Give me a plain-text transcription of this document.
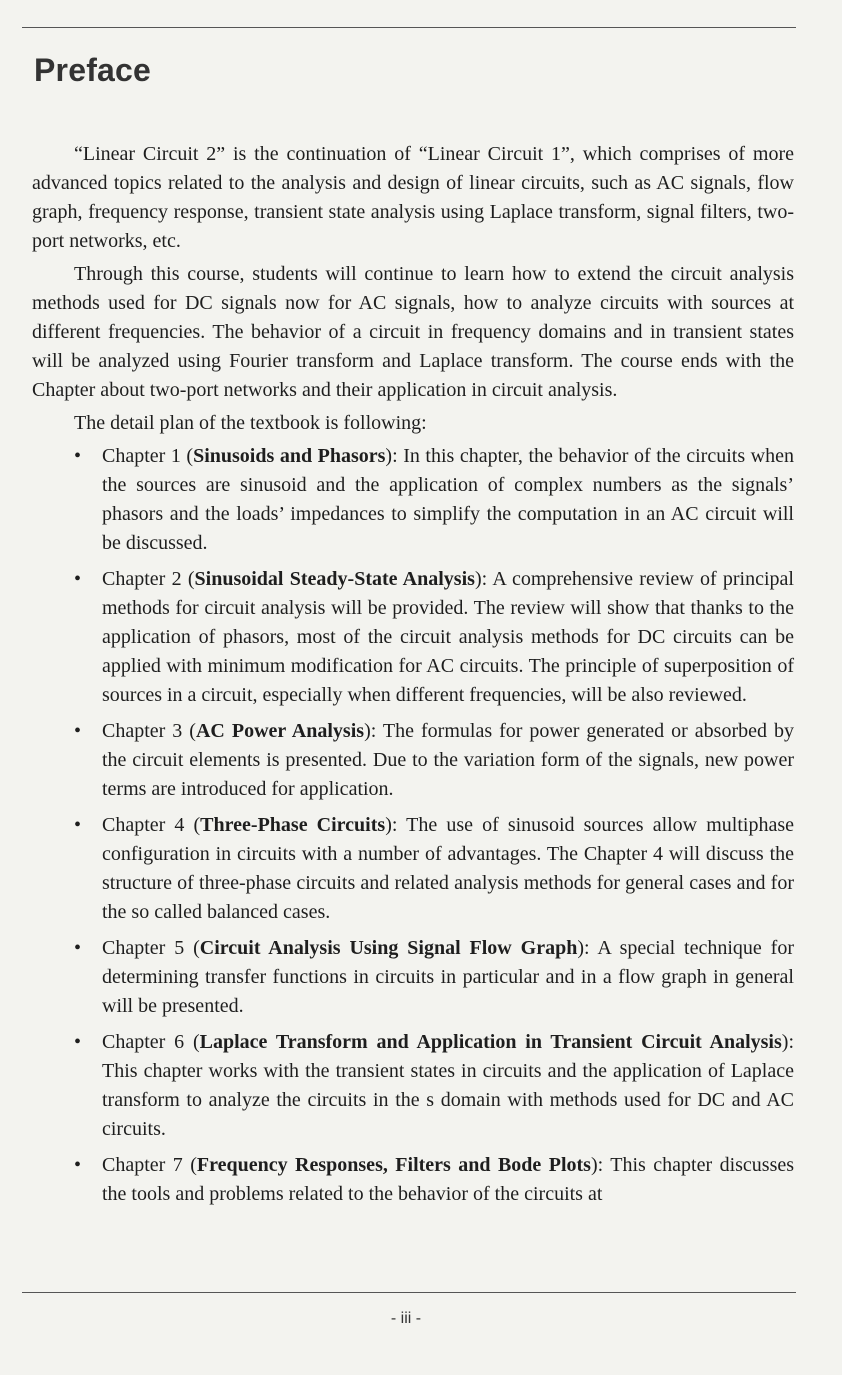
Preface

“Linear Circuit 2” is the continuation of “Linear Circuit 1”, which comprises of more advanced topics related to the analysis and design of linear circuits, such as AC signals, flow graph, frequency response, transient state analysis using Laplace transform, signal filters, two-port networks, etc.

Through this course, students will continue to learn how to extend the circuit analysis methods used for DC signals now for AC signals, how to analyze circuits with sources at different frequencies. The behavior of a circuit in frequency domains and in transient states will be analyzed using Fourier transform and Laplace transform. The course ends with the Chapter about two-port networks and their application in circuit analysis.

The detail plan of the textbook is following:

• Chapter 1 (Sinusoids and Phasors): In this chapter, the behavior of the circuits when the sources are sinusoid and the application of complex numbers as the signals’ phasors and the loads’ impedances to simplify the computation in an AC circuit will be discussed.
• Chapter 2 (Sinusoidal Steady-State Analysis): A comprehensive review of principal methods for circuit analysis will be provided. The review will show that thanks to the application of phasors, most of the circuit analysis methods for DC circuits can be applied with minimum modification for AC circuits. The principle of superposition of sources in a circuit, especially when different frequencies, will be also reviewed.
• Chapter 3 (AC Power Analysis): The formulas for power generated or absorbed by the circuit elements is presented. Due to the variation form of the signals, new power terms are introduced for application.
• Chapter 4 (Three-Phase Circuits): The use of sinusoid sources allow multiphase configuration in circuits with a number of advantages. The Chapter 4 will discuss the structure of three-phase circuits and related analysis methods for general cases and for the so called balanced cases.
• Chapter 5 (Circuit Analysis Using Signal Flow Graph): A special technique for determining transfer functions in circuits in particular and in a flow graph in general will be presented.
• Chapter 6 (Laplace Transform and Application in Transient Circuit Analysis): This chapter works with the transient states in circuits and the application of Laplace transform to analyze the circuits in the s domain with methods used for DC and AC circuits.
• Chapter 7 (Frequency Responses, Filters and Bode Plots): This chapter discusses the tools and problems related to the behavior of the circuits at
- iii -
